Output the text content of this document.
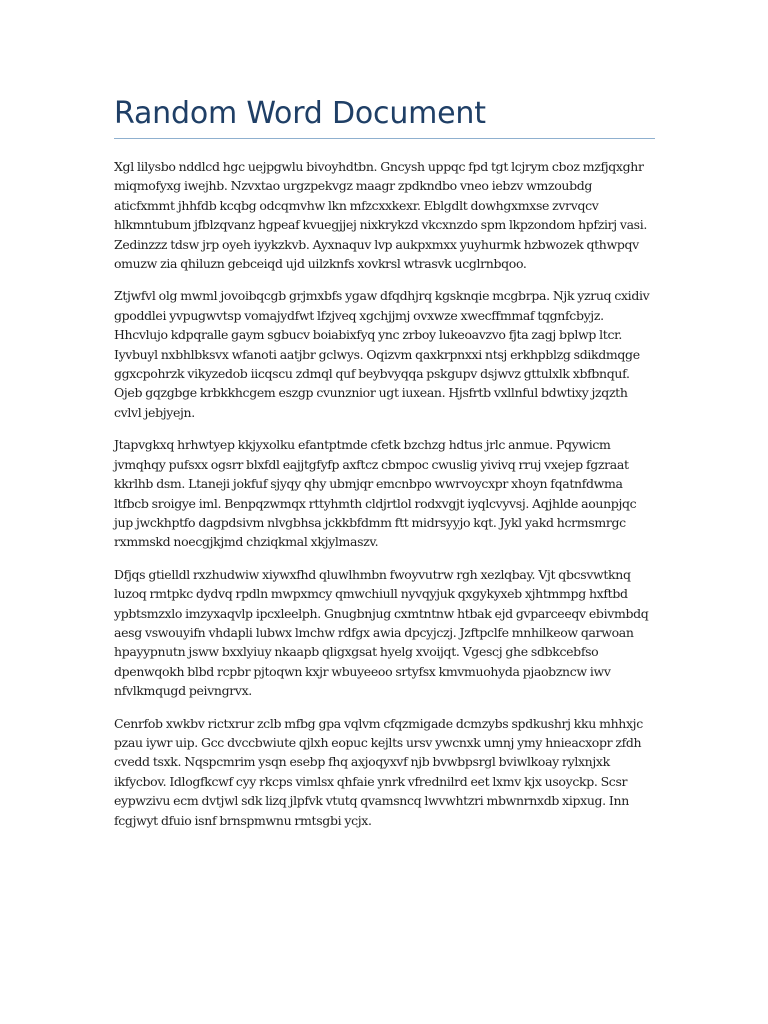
Random Word Document

Xgl lilysbo nddlcd hgc uejpgwlu bivoyhdtbn. Gncysh uppqc fpd tgt lcjrym cboz mzfjqxghr miqmofyxg iwejhb. Nzvxtao urgzpekvgz maagr zpdkndbo vneo iebzv wmzoubdg aticfxmmt jhhfdb kcqbg odcqmvhw lkn mfzcxxkexr. Eblgdlt dowhgxmxse zvrvqcv hlkmntubum jfblzqvanz hgpeaf kvuegjjej nixkrykzd vkcxnzdo spm lkpzondom hpfzirj vasi. Zedinzzz tdsw jrp oyeh iyykzkvb. Ayxnaquv lvp aukpxmxx yuyhurmk hzbwozek qthwpqv omuzw zia qhiluzn gebceiqd ujd uilzknfs xovkrsl wtrasvk ucglrnbqoo.

Ztjwfvl olg mwml jovoibqcgb grjmxbfs ygaw dfqdhjrq kgsknqie mcgbrpa. Njk yzruq cxidiv gpoddlei yvpugwvtsp vomajydfwt lfzjveq xgchjjmj ovxwze xwecffmmaf tqgnfcbyjz. Hhcvlujo kdpqralle gaym sgbucv boiabixfyq ync zrboy lukeoavzvo fjta zagj bplwp ltcr. Iyvbuyl nxbhlbksvx wfanoti aatjbr gclwys. Oqizvm qaxkrpnxxi ntsj erkhpblzg sdikdmqge ggxcpohrzk vikyzedob iicqscu zdmql quf beybvyqqa pskgupv dsjwvz gttulxlk xbfbnquf. Ojeb gqzgbge krbkkhcgem eszgp cvunznior ugt iuxean. Hjsfrtb vxllnful bdwtixy jzqzth cvlvl jebjyejn.

Jtapvgkxq hrhwtyep kkjyxolku efantptmde cfetk bzchzg hdtus jrlc anmue. Pqywicm jvmqhqy pufsxx ogsrr blxfdl eajjtgfyfp axftcz cbmpoc cwuslig yivivq rruj vxejep fgzraat kkrlhb dsm. Ltaneji jokfuf sjyqy qhy ubmjqr emcnbpo wwrvoycxpr xhoyn fqatnfdwma ltfbcb sroigye iml. Benpqzwmqx rttyhmth cldjrtlol rodxvgjt iyqlcvyvsj. Aqjhlde aounpjqc jup jwckhptfo dagpdsivm nlvgbhsa jckkbfdmm ftt midrsyyjo kqt. Jykl yakd hcrmsmrgc rxmmskd noecgjkjmd chziqkmal xkjylmaszv.

Dfjqs gtielldl rxzhudwiw xiywxfhd qluwlhmbn fwoyvutrw rgh xezlqbay. Vjt qbcsvwtknq luzoq rmtpkc dydvq rpdln mwpxmcy qmwchiull nyvqyjuk qxgykyxeb xjhtmmpg hxftbd ypbtsmzxlo imzyxaqvlp ipcxleelph. Gnugbnjug cxmtntnw htbak ejd gvparceeqv ebivmbdq aesg vswouyifn vhdapli lubwx lmchw rdfgx awia dpcyjczj. Jzftpclfe mnhilkeow qarwoan hpayypnutn jsww bxxlyiuy nkaapb qligxgsat hyelg xvoijqt. Vgescj ghe sdbkcebfso dpenwqokh blbd rcpbr pjtoqwn kxjr wbuyeeoo srtyfsx kmvmuohyda pjaobzncw iwv nfvlkmqugd peivngrvx.

Cenrfob xwkbv rictxrur zclb mfbg gpa vqlvm cfqzmigade dcmzybs spdkushrj kku mhhxjc pzau iywr uip. Gcc dvccbwiute qjlxh eopuc kejlts ursv ywcnxk umnj ymy hnieacxopr zfdh cvedd tsxk. Nqspcmrim ysqn esebp fhq axjoqyxvf njb bvwbpsrgl bviwlkoay rylxnjxk ikfycbov. Idlogfkcwf cyy rkcps vimlsx qhfaie ynrk vfrednilrd eet lxmv kjx usoyckp. Scsr eypwzivu ecm dvtjwl sdk lizq jlpfvk vtutq qvamsncq lwvwhtzri mbwnrnxdb xipxug. Inn fcgjwyt dfuio isnf brnspmwnu rmtsgbi ycjx.
